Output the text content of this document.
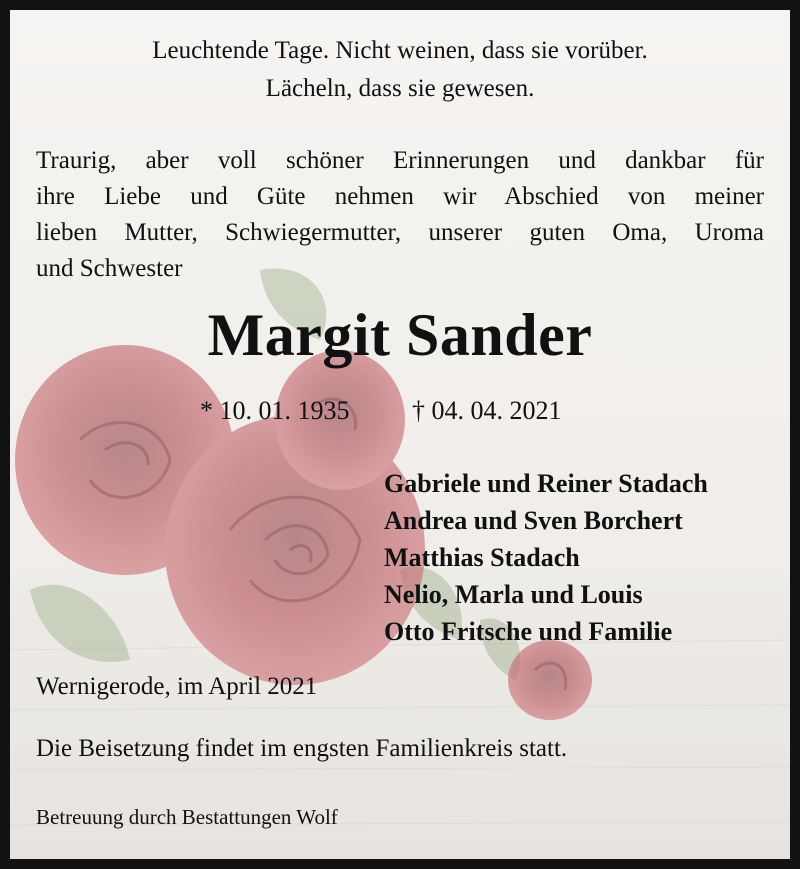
Leuchtende Tage. Nicht weinen, dass sie vorüber.
Lächeln, dass sie gewesen.
Traurig, aber voll schöner Erinnerungen und dankbar für
ihre Liebe und Güte nehmen wir Abschied von meiner
lieben Mutter, Schwiegermutter, unserer guten Oma, Uroma
und Schwester
Margit Sander
* 10. 01. 1935 † 04. 04. 2021
Gabriele und Reiner Stadach
Andrea und Sven Borchert
Matthias Stadach
Nelio, Marla und Louis
Otto Fritsche und Familie
Wernigerode, im April 2021
Die Beisetzung findet im engsten Familienkreis statt.
Betreuung durch Bestattungen Wolf
